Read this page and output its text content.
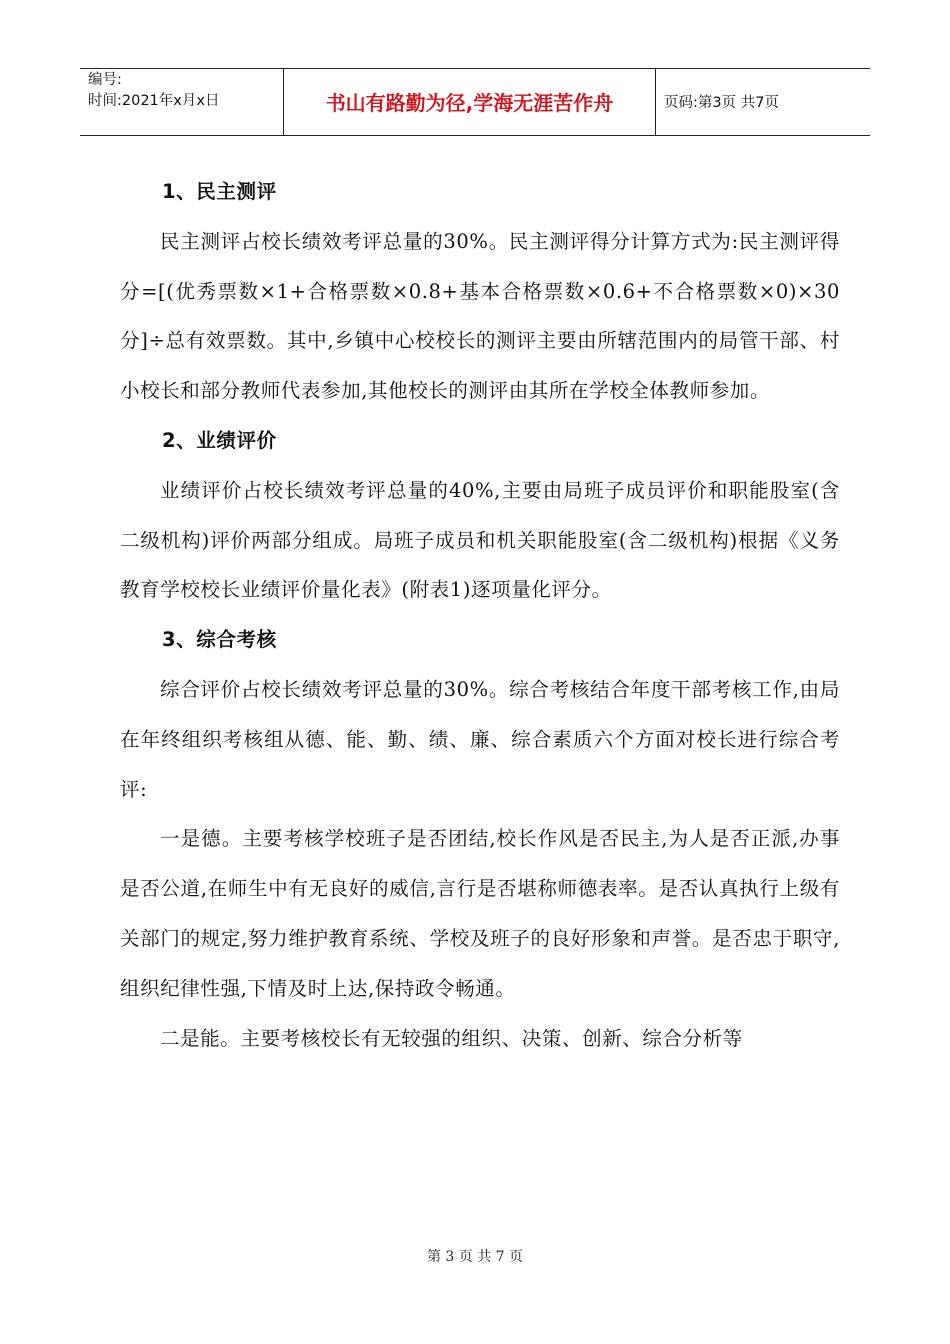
编号:
时间:2021年x月x日	书山有路勤为径,学海无涯苦作舟	页码:第3页 共7页

1、民主测评

民主测评占校长绩效考评总量的30%。民主测评得分计算方式为:民主测评得分=[(优秀票数×1+合格票数×0.8+基本合格票数×0.6+不合格票数×0)×30分]÷总有效票数。其中,乡镇中心校校长的测评主要由所辖范围内的局管干部、村小校长和部分教师代表参加,其他校长的测评由其所在学校全体教师参加。

2、业绩评价

业绩评价占校长绩效考评总量的40%,主要由局班子成员评价和职能股室(含二级机构)评价两部分组成。局班子成员和机关职能股室(含二级机构)根据《义务教育学校校长业绩评价量化表》(附表1)逐项量化评分。

3、综合考核

综合评价占校长绩效考评总量的30%。综合考核结合年度干部考核工作,由局在年终组织考核组从德、能、勤、绩、廉、综合素质六个方面对校长进行综合考评:

一是德。主要考核学校班子是否团结,校长作风是否民主,为人是否正派,办事是否公道,在师生中有无良好的威信,言行是否堪称师德表率。是否认真执行上级有关部门的规定,努力维护教育系统、学校及班子的良好形象和声誉。是否忠于职守,组织纪律性强,下情及时上达,保持政令畅通。

二是能。主要考核校长有无较强的组织、决策、创新、综合分析等

第 3 页 共 7 页
